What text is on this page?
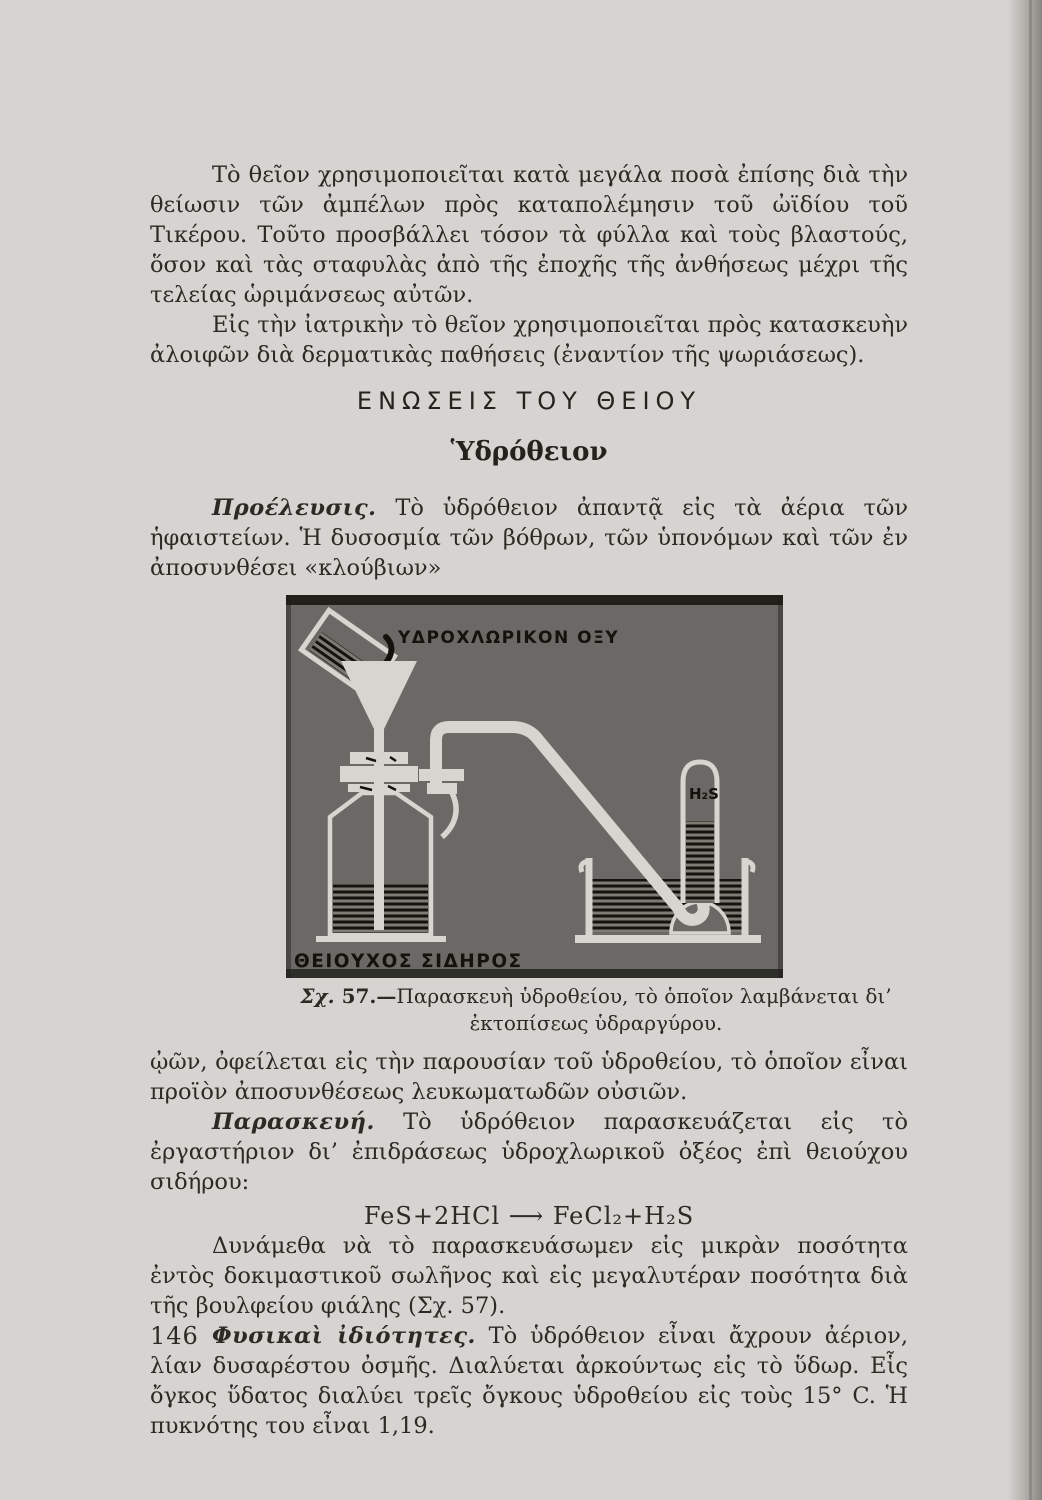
Τὸ θεῖον χρησιμοποιεῖται κατὰ μεγάλα ποσὰ ἐπίσης διὰ τὴν θείωσιν τῶν ἀμπέλων πρὸς καταπολέμησιν τοῦ ὠϊδίου τοῦ Τικέρου. Τοῦτο προσβάλλει τόσον τὰ φύλλα καὶ τοὺς βλαστούς, ὅσον καὶ τὰς σταφυλὰς ἀπὸ τῆς ἐποχῆς τῆς ἀνθήσεως μέχρι τῆς τελείας ὡριμάνσεως αὐτῶν.

Εἰς τὴν ἰατρικὴν τὸ θεῖον χρησιμοποιεῖται πρὸς κατασκευὴν ἀλοιφῶν διὰ δερματικὰς παθήσεις (ἐναντίον τῆς ψωριάσεως).

ΕΝΩΣΕΙΣ ΤΟΥ ΘΕΙΟΥ
Ὑδρόθειον

Προέλευσις. Τὸ ὑδρόθειον ἀπαντᾷ εἰς τὰ ἀέρια τῶν ἡφαιστείων. Ἡ δυσοσμία τῶν βόθρων, τῶν ὑπονόμων καὶ τῶν ἐν ἀποσυνθέσει «κλούβιων»

ΥΔΡΟΧΛΩΡΙΚΟΝ ΟΞΥ
H₂S
ΘΕΙΟΥΧΟΣ ΣΙΔΗΡΟΣ
Σχ. 57.—Παρασκευὴ ὑδροθείου, τὸ ὁποῖον λαμβάνεται δι’ ἐκτοπίσεως ὑδραργύρου.

ᾠῶν, ὀφείλεται εἰς τὴν παρουσίαν τοῦ ὑδροθείου, τὸ ὁποῖον εἶναι προϊὸν ἀποσυνθέσεως λευκωματωδῶν οὐσιῶν.

Παρασκευή. Τὸ ὑδρόθειον παρασκευάζεται εἰς τὸ ἐργαστήριον δι’ ἐπιδράσεως ὑδροχλωρικοῦ ὀξέος ἐπὶ θειούχου σιδήρου:

FeS+2HCl ⟶ FeCl₂+H₂S

Δυνάμεθα νὰ τὸ παρασκευάσωμεν εἰς μικρὰν ποσότητα ἐντὸς δοκιμαστικοῦ σωλῆνος καὶ εἰς μεγαλυτέραν ποσότητα διὰ τῆς βουλφείου φιάλης (Σχ. 57).

Φυσικαὶ ἰδιότητες. Τὸ ὑδρόθειον εἶναι ἄχρουν ἀέριον, λίαν δυσαρέστου ὀσμῆς. Διαλύεται ἀρκούντως εἰς τὸ ὕδωρ. Εἷς ὄγκος ὕδατος διαλύει τρεῖς ὄγκους ὑδροθείου εἰς τοὺς 15° C. Ἡ πυκνότης του εἶναι 1,19.

146
